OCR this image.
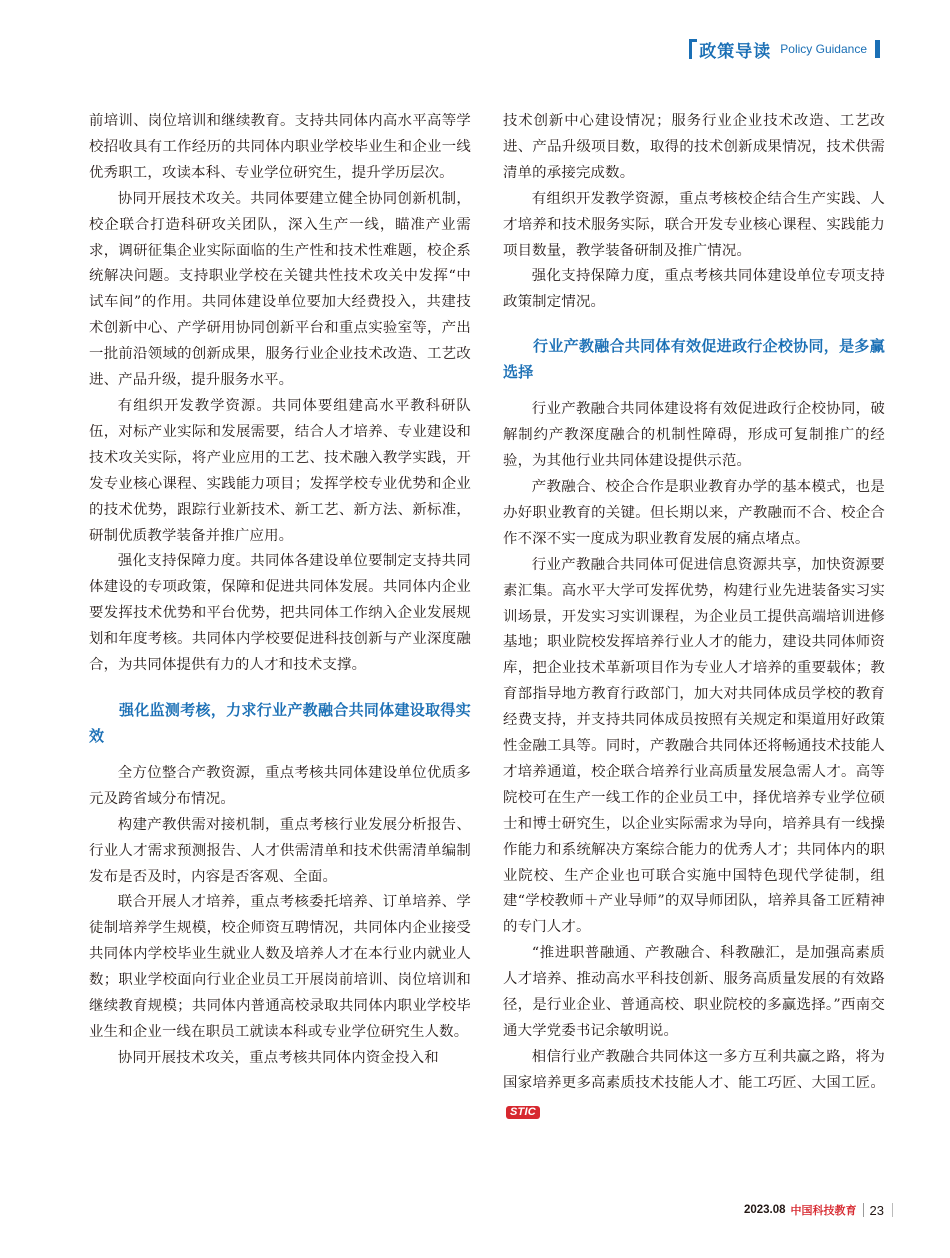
政策导读 Policy Guidance

前培训、岗位培训和继续教育。支持共同体内高水平高等学校招收具有工作经历的共同体内职业学校毕业生和企业一线优秀职工，攻读本科、专业学位研究生，提升学历层次。

协同开展技术攻关。共同体要建立健全协同创新机制，校企联合打造科研攻关团队，深入生产一线，瞄准产业需求，调研征集企业实际面临的生产性和技术性难题，校企系统解决问题。支持职业学校在关键共性技术攻关中发挥“中试车间”的作用。共同体建设单位要加大经费投入，共建技术创新中心、产学研用协同创新平台和重点实验室等，产出一批前沿领域的创新成果，服务行业企业技术改造、工艺改进、产品升级，提升服务水平。

有组织开发教学资源。共同体要组建高水平教科研队伍，对标产业实际和发展需要，结合人才培养、专业建设和技术攻关实际，将产业应用的工艺、技术融入教学实践，开发专业核心课程、实践能力项目；发挥学校专业优势和企业的技术优势，跟踪行业新技术、新工艺、新方法、新标准，研制优质教学装备并推广应用。

强化支持保障力度。共同体各建设单位要制定支持共同体建设的专项政策，保障和促进共同体发展。共同体内企业要发挥技术优势和平台优势，把共同体工作纳入企业发展规划和年度考核。共同体内学校要促进科技创新与产业深度融合，为共同体提供有力的人才和技术支撑。

强化监测考核，力求行业产教融合共同体建设取得实效

全方位整合产教资源，重点考核共同体建设单位优质多元及跨省域分布情况。

构建产教供需对接机制，重点考核行业发展分析报告、行业人才需求预测报告、人才供需清单和技术供需清单编制发布是否及时，内容是否客观、全面。

联合开展人才培养，重点考核委托培养、订单培养、学徒制培养学生规模，校企师资互聘情况，共同体内企业接受共同体内学校毕业生就业人数及培养人才在本行业内就业人数；职业学校面向行业企业员工开展岗前培训、岗位培训和继续教育规模；共同体内普通高校录取共同体内职业学校毕业生和企业一线在职员工就读本科或专业学位研究生人数。

协同开展技术攻关，重点考核共同体内资金投入和

技术创新中心建设情况；服务行业企业技术改造、工艺改进、产品升级项目数，取得的技术创新成果情况，技术供需清单的承接完成数。

有组织开发教学资源，重点考核校企结合生产实践、人才培养和技术服务实际，联合开发专业核心课程、实践能力项目数量，教学装备研制及推广情况。

强化支持保障力度，重点考核共同体建设单位专项支持政策制定情况。

行业产教融合共同体有效促进政行企校协同，是多赢选择

行业产教融合共同体建设将有效促进政行企校协同，破解制约产教深度融合的机制性障碍，形成可复制推广的经验，为其他行业共同体建设提供示范。

产教融合、校企合作是职业教育办学的基本模式，也是办好职业教育的关键。但长期以来，产教融而不合、校企合作不深不实一度成为职业教育发展的痛点堵点。

行业产教融合共同体可促进信息资源共享，加快资源要素汇集。高水平大学可发挥优势，构建行业先进装备实习实训场景，开发实习实训课程，为企业员工提供高端培训进修基地；职业院校发挥培养行业人才的能力，建设共同体师资库，把企业技术革新项目作为专业人才培养的重要载体；教育部指导地方教育行政部门，加大对共同体成员学校的教育经费支持，并支持共同体成员按照有关规定和渠道用好政策性金融工具等。同时，产教融合共同体还将畅通技术技能人才培养通道，校企联合培养行业高质量发展急需人才。高等院校可在生产一线工作的企业员工中，择优培养专业学位硕士和博士研究生，以企业实际需求为导向，培养具有一线操作能力和系统解决方案综合能力的优秀人才；共同体内的职业院校、生产企业也可联合实施中国特色现代学徒制，组建“学校教师＋产业导师”的双导师团队，培养具备工匠精神的专门人才。

“推进职普融通、产教融合、科教融汇，是加强高素质人才培养、推动高水平科技创新、服务高质量发展的有效路径，是行业企业、普通高校、职业院校的多赢选择。”西南交通大学党委书记余敏明说。

相信行业产教融合共同体这一多方互利共赢之路，将为国家培养更多高素质技术技能人才、能工巧匠、大国工匠。STIC

2023.08 中国科技教育 23
